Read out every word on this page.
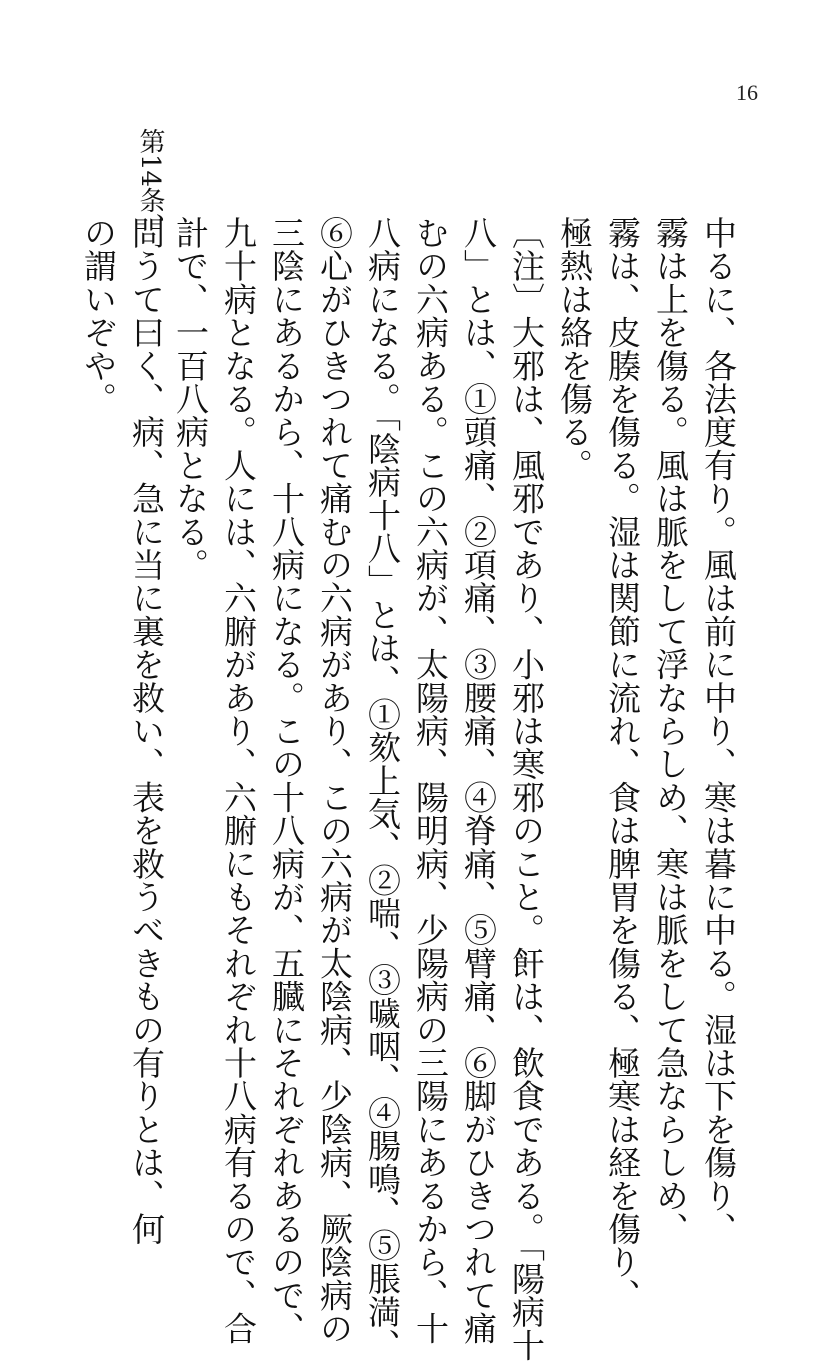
16
中るに、各法度有り。風は前に中り、寒は暮に中る。湿は下を傷り、
霧は上を傷る。風は脈をして浮ならしめ、寒は脈をして急ならしめ、
霧は、皮腠を傷る。湿は関節に流れ、食は脾胃を傷る、極寒は経を傷り、
極熱は絡を傷る。
〔注〕大邪は、風邪であり、小邪は寒邪のこと。飦は、飲食である。「陽病十
八」とは、①頭痛、②項痛、③腰痛、④脊痛、⑤臂痛、⑥脚がひきつれて痛
むの六病ある。この六病が、太陽病、陽明病、少陽病の三陽にあるから、十
八病になる。「陰病十八」とは、①欬上気、②喘、③噦咽、④腸鳴、⑤脹満、
⑥心がひきつれて痛むの六病があり、この六病が太陰病、少陰病、厥陰病の
三陰にあるから、十八病になる。この十八病が、五臓にそれぞれあるので、
九十病となる。人には、六腑があり、六腑にもそれぞれ十八病有るので、合
計で、一百八病となる。
第14条、
問うて曰く、病、急に当に裏を救い、表を救うべきもの有りとは、何
の謂いぞや。
